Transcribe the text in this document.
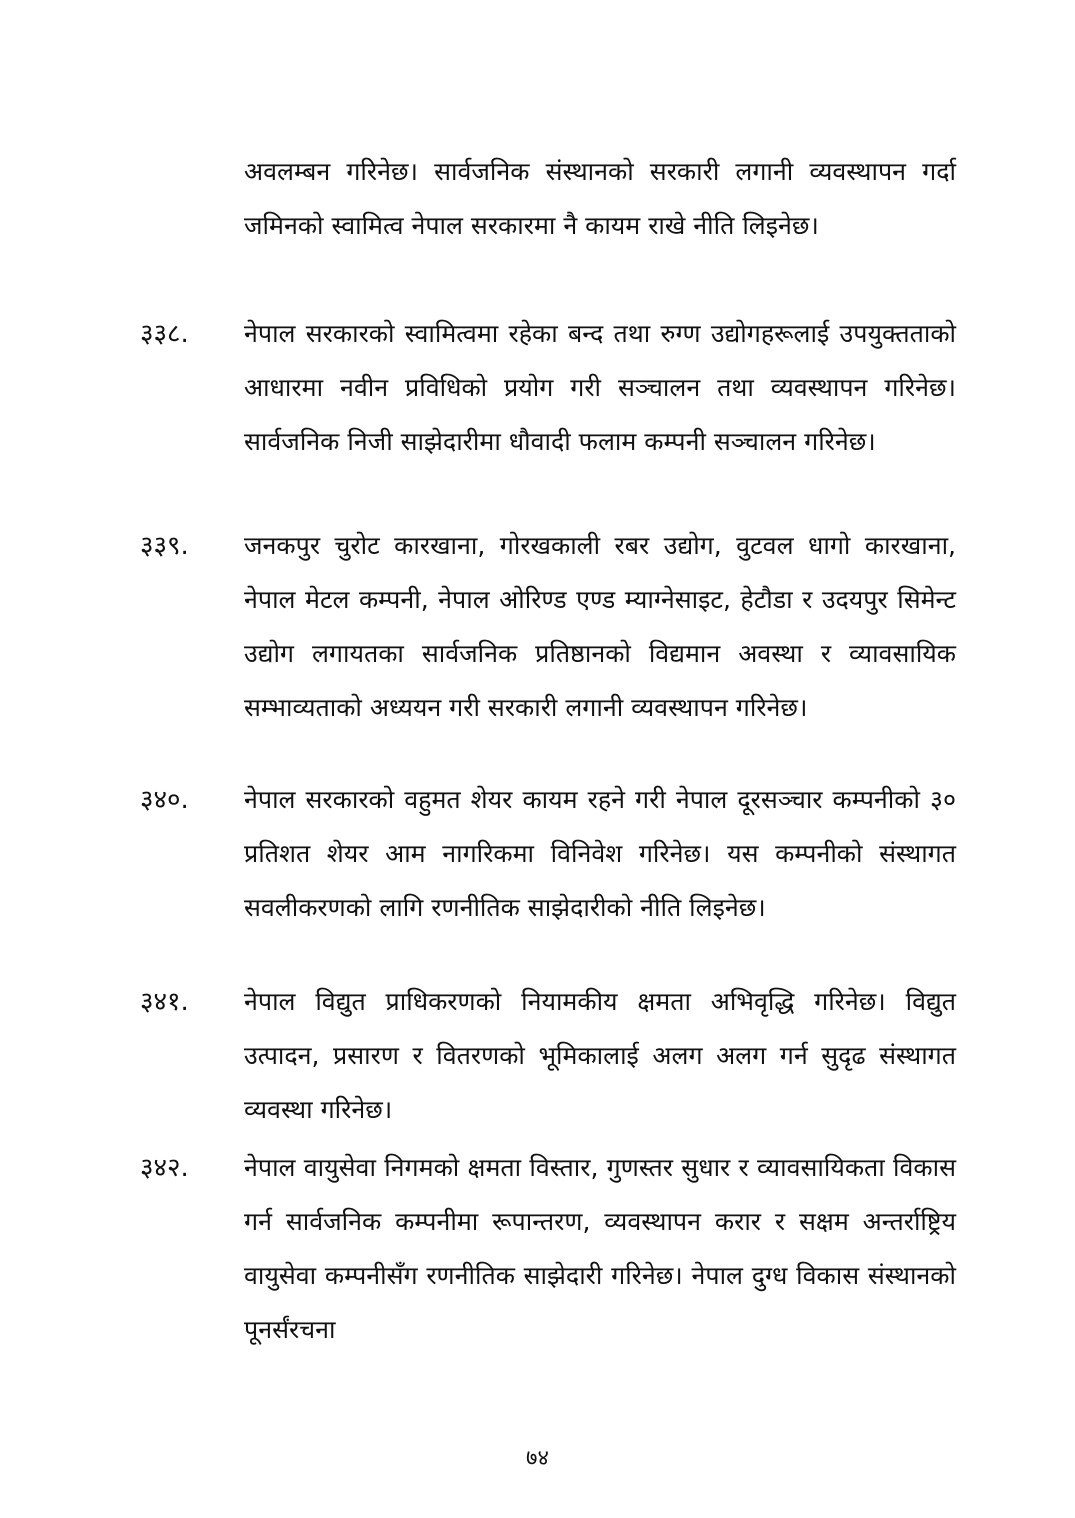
अवलम्बन गरिनेछ। सार्वजनिक संस्थानको सरकारी लगानी व्यवस्थापन गर्दा जमिनको स्वामित्व नेपाल सरकारमा नै कायम राखे नीति लिइनेछ।
३३८.	नेपाल सरकारको स्वामित्वमा रहेका बन्द तथा रुग्ण उद्योगहरूलाई उपयुक्तताको आधारमा नवीन प्रविधिको प्रयोग गरी सञ्चालन तथा व्यवस्थापन गरिनेछ। सार्वजनिक निजी साझेदारीमा धौवादी फलाम कम्पनी सञ्चालन गरिनेछ।
३३९.	जनकपुर चुरोट कारखाना, गोरखकाली रबर उद्योग, वुटवल धागो कारखाना, नेपाल मेटल कम्पनी, नेपाल ओरिण्ड एण्ड म्याग्नेसाइट, हेटौडा र उदयपुर सिमेन्ट उद्योग लगायतका सार्वजनिक प्रतिष्ठानको विद्यमान अवस्था र व्यावसायिक सम्भाव्यताको अध्ययन गरी सरकारी लगानी व्यवस्थापन गरिनेछ।
३४०.	नेपाल सरकारको वहुमत शेयर कायम रहने गरी नेपाल दूरसञ्चार कम्पनीको ३० प्रतिशत शेयर आम नागरिकमा विनिवेश गरिनेछ। यस कम्पनीको संस्थागत सवलीकरणको लागि रणनीतिक साझेदारीको नीति लिइनेछ।
३४१.	नेपाल विद्युत प्राधिकरणको नियामकीय क्षमता अभिवृद्धि गरिनेछ। विद्युत उत्पादन, प्रसारण र वितरणको भूमिकालाई अलग अलग गर्न सुदृढ संस्थागत व्यवस्था गरिनेछ।
३४२.	नेपाल वायुसेवा निगमको क्षमता विस्तार, गुणस्तर सुधार र व्यावसायिकता विकास गर्न सार्वजनिक कम्पनीमा रूपान्तरण, व्यवस्थापन करार र सक्षम अन्तर्राष्ट्रिय वायुसेवा कम्पनीसँग रणनीतिक साझेदारी गरिनेछ। नेपाल दुग्ध विकास संस्थानको पूनर्संरचना
७४
